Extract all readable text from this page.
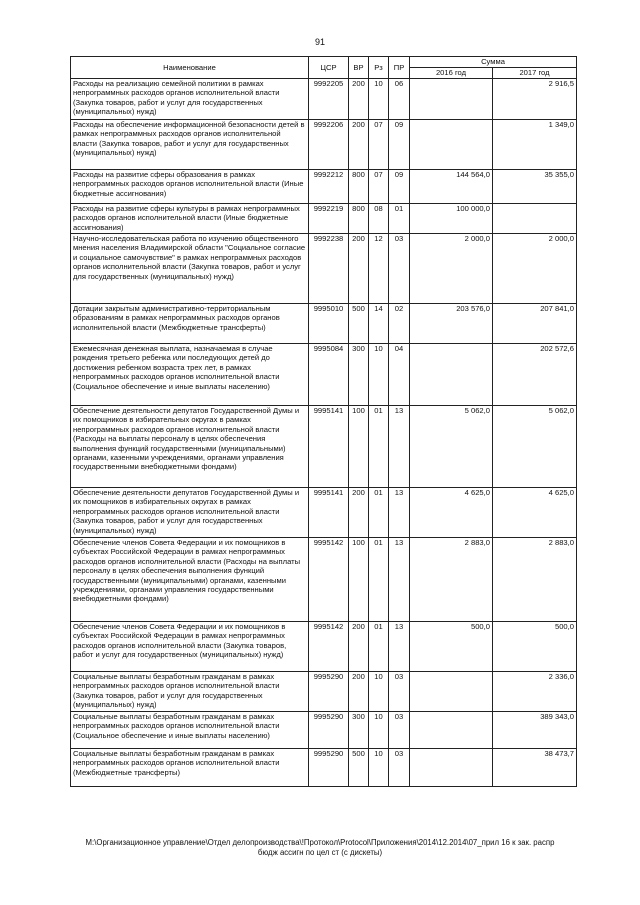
91
Наименование	ЦСР	ВР	Рз	ПР	Сумма	
					2016 год	2017 год
Расходы на реализацию семейной политики в рамках непрограммных расходов органов исполнительной власти (Закупка товаров, работ и услуг для государственных (муниципальных) нужд)	9992205	200	10	06		2 916,5
Расходы на обеспечение информационной безопасности детей в рамках непрограммных расходов органов исполнительной власти (Закупка товаров, работ и услуг для государственных (муниципальных) нужд)	9992206	200	07	09		1 349,0
Расходы на развитие сферы образования в рамках непрограммных расходов органов исполнительной власти (Иные бюджетные ассигнования)	9992212	800	07	09	144 564,0	35 355,0
Расходы на развитие сферы культуры в рамках непрограммных расходов органов исполнительной власти (Иные бюджетные ассигнования)	9992219	800	08	01	100 000,0	
Научно-исследовательская работа по изучению общественного мнения населения Владимирской области "Социальное согласие и социальное самочувствие" в рамках непрограммных расходов органов исполнительной власти (Закупка товаров, работ и услуг для государственных (муниципальных) нужд)	9992238	200	12	03	2 000,0	2 000,0
Дотации закрытым административно-территориальным образованиям в рамках непрограммных расходов органов исполнительной власти (Межбюджетные трансферты)	9995010	500	14	02	203 576,0	207 841,0
Ежемесячная денежная выплата, назначаемая в случае рождения третьего ребенка или последующих детей до достижения ребенком возраста трех лет, в рамках непрограммных расходов органов исполнительной власти (Социальное обеспечение и иные выплаты населению)	9995084	300	10	04		202 572,6
Обеспечение деятельности депутатов Государственной Думы и их помощников в избирательных округах в рамках непрограммных расходов органов исполнительной власти (Расходы на выплаты персоналу в целях обеспечения выполнения функций государственными (муниципальными) органами, казенными учреждениями, органами управления государственными внебюджетными фондами)	9995141	100	01	13	5 062,0	5 062,0
Обеспечение деятельности депутатов Государственной Думы и их помощников в избирательных округах в рамках непрограммных расходов органов исполнительной власти (Закупка товаров, работ и услуг для государственных (муниципальных) нужд)	9995141	200	01	13	4 625,0	4 625,0
Обеспечение членов Совета Федерации и их помощников в субъектах Российской Федерации в рамках непрограммных расходов органов исполнительной власти (Расходы на выплаты персоналу в целях обеспечения выполнения функций государственными (муниципальными) органами, казенными учреждениями, органами управления государственными внебюджетными фондами)	9995142	100	01	13	2 883,0	2 883,0
Обеспечение членов Совета Федерации и их помощников в субъектах Российской Федерации в рамках непрограммных расходов органов исполнительной власти (Закупка товаров, работ и услуг для государственных (муниципальных) нужд)	9995142	200	01	13	500,0	500,0
Социальные выплаты безработным гражданам в рамках непрограммных расходов органов исполнительной власти (Закупка товаров, работ и услуг для государственных (муниципальных) нужд)	9995290	200	10	03		2 336,0
Социальные выплаты безработным гражданам в рамках непрограммных расходов органов исполнительной власти (Социальное обеспечение и иные выплаты населению)	9995290	300	10	03		389 343,0
Социальные выплаты безработным гражданам в рамках непрограммных расходов органов исполнительной власти (Межбюджетные трансферты)	9995290	500	10	03		38 473,7
M:\Организационное управление\Отдел делопроизводства\!Протокол\Protocol\Приложения\2014\12.2014\07_прил 16 к зак. распр
бюдж ассигн по цел ст (с дискеты)
